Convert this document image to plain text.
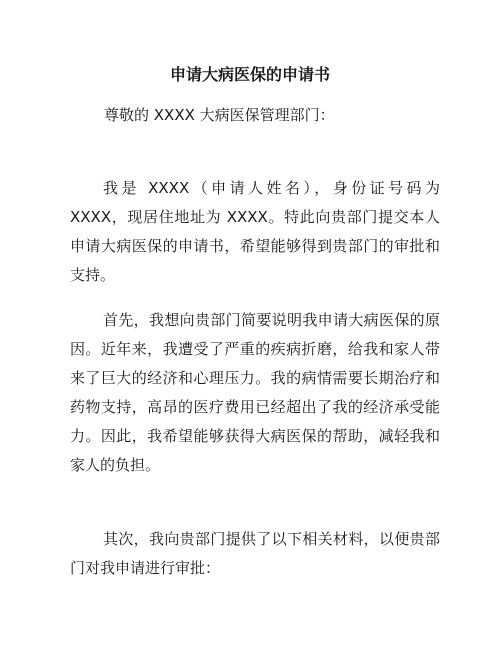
申请大病医保的申请书
尊敬的 XXXX 大病医保管理部门：
我是 XXXX（申请人姓名），身份证号码为 XXXX，现居住地址为 XXXX。特此向贵部门提交本人申请大病医保的申请书，希望能够得到贵部门的审批和支持。
首先，我想向贵部门简要说明我申请大病医保的原因。近年来，我遭受了严重的疾病折磨，给我和家人带来了巨大的经济和心理压力。我的病情需要长期治疗和药物支持，高昂的医疗费用已经超出了我的经济承受能力。因此，我希望能够获得大病医保的帮助，减轻我和家人的负担。
其次，我向贵部门提供了以下相关材料，以便贵部门对我申请进行审批：
